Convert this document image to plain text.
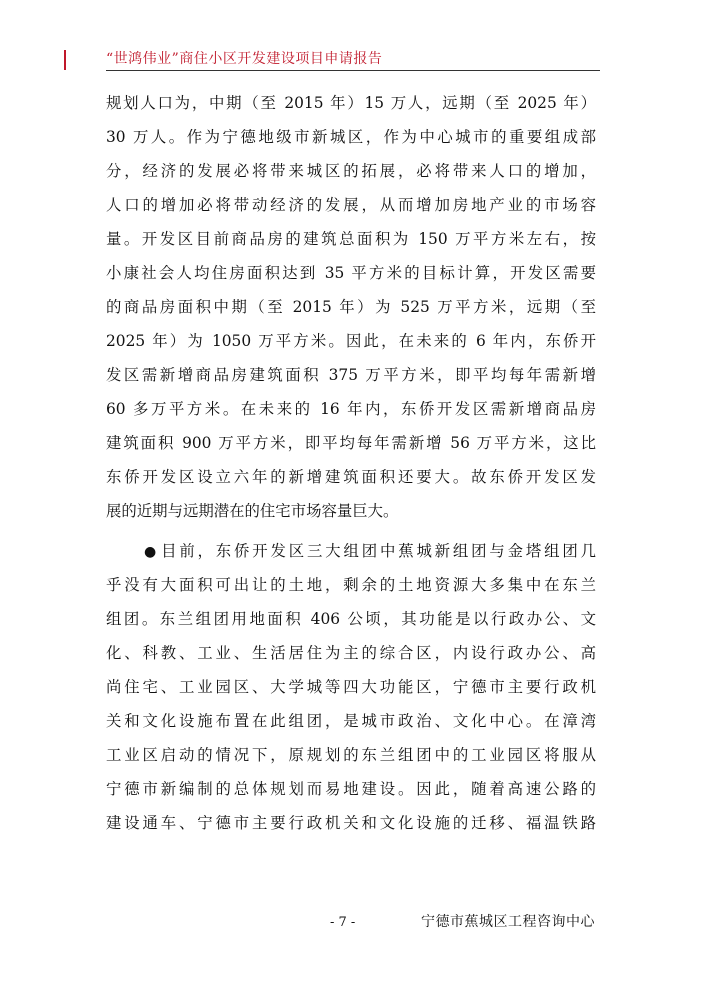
“世鸿伟业”商住小区开发建设项目申请报告
规划人口为，中期（至 2015 年）15 万人，远期（至 2025 年）
30 万人。作为宁德地级市新城区，作为中心城市的重要组成部
分，经济的发展必将带来城区的拓展，必将带来人口的增加，
人口的增加必将带动经济的发展，从而增加房地产业的市场容
量。开发区目前商品房的建筑总面积为 150 万平方米左右，按
小康社会人均住房面积达到 35 平方米的目标计算，开发区需要
的商品房面积中期（至 2015 年）为 525 万平方米，远期（至
2025 年）为 1050 万平方米。因此，在未来的 6 年内，东侨开
发区需新增商品房建筑面积 375 万平方米，即平均每年需新增
60 多万平方米。在未来的 16 年内，东侨开发区需新增商品房
建筑面积 900 万平方米，即平均每年需新增 56 万平方米，这比
东侨开发区设立六年的新增建筑面积还要大。故东侨开发区发
展的近期与远期潜在的住宅市场容量巨大。
● 目前，东侨开发区三大组团中蕉城新组团与金塔组团几
乎没有大面积可出让的土地，剩余的土地资源大多集中在东兰
组团。东兰组团用地面积 406 公顷，其功能是以行政办公、文
化、科教、工业、生活居住为主的综合区，内设行政办公、高
尚住宅、工业园区、大学城等四大功能区，宁德市主要行政机
关和文化设施布置在此组团，是城市政治、文化中心。在漳湾
工业区启动的情况下，原规划的东兰组团中的工业园区将服从
宁德市新编制的总体规划而易地建设。因此，随着高速公路的
建设通车、宁德市主要行政机关和文化设施的迁移、福温铁路
- 7 -	宁德市蕉城区工程咨询中心
